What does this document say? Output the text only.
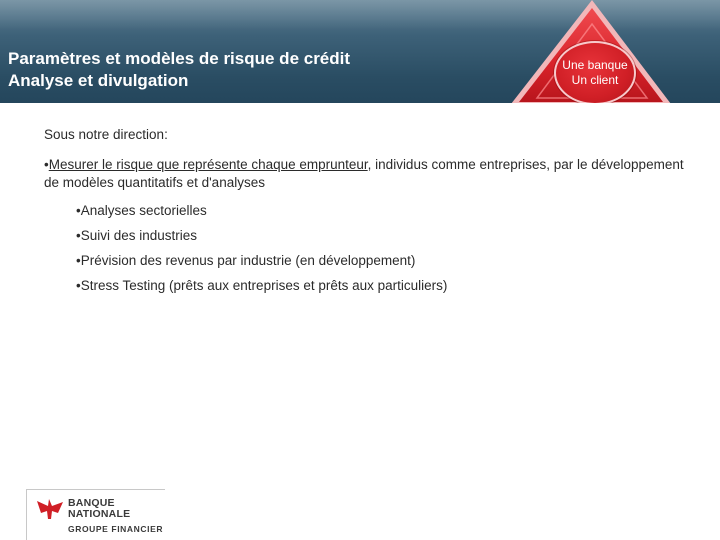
Paramètres et modèles de risque de crédit
Analyse et divulgation
Une banque
Un client

Sous notre direction:

•Mesurer le risque que représente chaque emprunteur, individus comme entreprises, par le développement de modèles quantitatifs et d'analyses

•Analyses sectorielles
•Suivi des industries
•Prévision des revenus par industrie (en développement)
•Stress Testing (prêts aux entreprises et prêts aux particuliers)
BANQUE
NATIONALE
GROUPE FINANCIER
